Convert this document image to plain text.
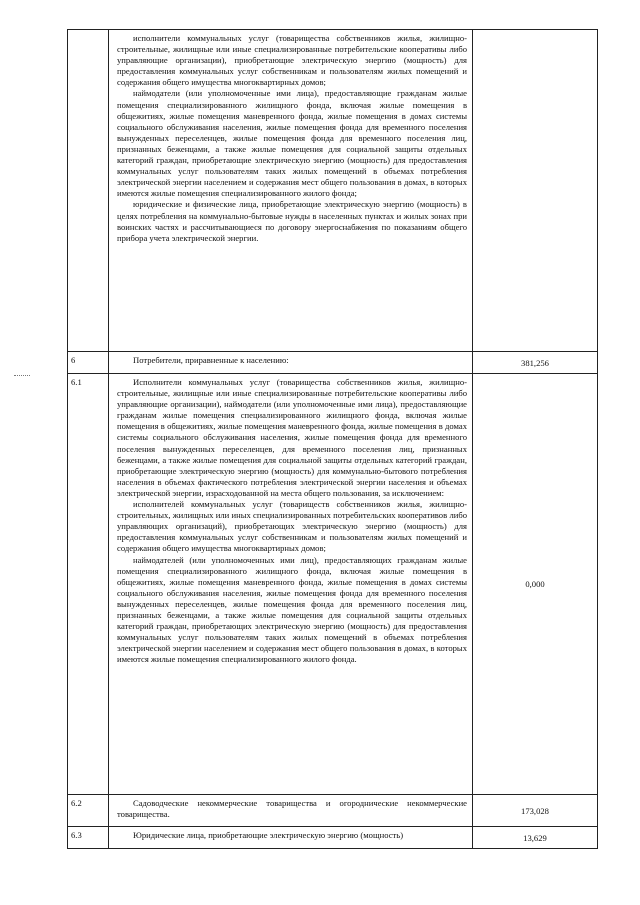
	исполнители коммунальных услуг (товарищества собственников жилья, жилищно-строительные, жилищные или иные специализированные потребительские кооперативы либо управляющие организации), приобретающие электрическую энергию (мощность) для предоставления коммунальных услуг собственникам и пользователям жилых помещений и содержания общего имущества многоквартирных домов;

наймодатели (или уполномоченные ими лица), предоставляющие гражданам жилые помещения специализированного жилищного фонда, включая жилые помещения в общежитиях, жилые помещения маневренного фонда, жилые помещения в домах системы социального обслуживания населения, жилые помещения фонда для временного поселения вынужденных переселенцев, жилые помещения фонда для временного поселения лиц, признанных беженцами, а также жилые помещения для социальной защиты отдельных категорий граждан, приобретающие электрическую энергию (мощность) для предоставления коммунальных услуг пользователям таких жилых помещений в объемах потребления электрической энергии населением и содержания мест общего пользования в домах, в которых имеются жилые помещения специализированного жилого фонда;

юридические и физические лица, приобретающие электрическую энергию (мощность) в целях потребления на коммунально-бытовые нужды в населенных пунктах и жилых зонах при воинских частях и рассчитывающиеся по договору энергоснабжения по показаниям общего прибора учета электрической энергии.	

6	Потребители, приравненные к населению:	381,256
6.1	Исполнители коммунальных услуг (товарищества собственников жилья, жилищно-строительные, жилищные или иные специализированные потребительские кооперативы либо управляющие организации), наймодатели (или уполномоченные ими лица), предоставляющие гражданам жилые помещения специализированного жилищного фонда, включая жилые помещения в общежитиях, жилые помещения маневренного фонда, жилые помещения в домах системы социального обслуживания населения, жилые помещения фонда для временного поселения вынужденных переселенцев, для временного поселения лиц, признанных беженцами, а также жилые помещения для социальной защиты отдельных категорий граждан, приобретающие электрическую энергию (мощность) для коммунально-бытового потребления населения в объемах фактического потребления электрической энергии населения и объемах электрической энергии, израсходованной на места общего пользования, за исключением:

исполнителей коммунальных услуг (товариществ собственников жилья, жилищно-строительных, жилищных или иных специализированных потребительских кооперативов либо управляющих организаций), приобретающих электрическую энергию (мощность) для предоставления коммунальных услуг собственникам и пользователям жилых помещений и содержания общего имущества многоквартирных домов;

наймодателей (или уполномоченных ими лиц), предоставляющих гражданам жилые помещения специализированного жилищного фонда, включая жилые помещения в общежитиях, жилые помещения маневренного фонда, жилые помещения в домах системы социального обслуживания населения, жилые помещения фонда для временного поселения вынужденных переселенцев, жилые помещения фонда для временного поселения лиц, признанных беженцами, а также жилые помещения для социальной защиты отдельных категорий граждан, приобретающих электрическую энергию (мощность) для предоставления коммунальных услуг пользователям таких жилых помещений в объемах потребления электрической энергии населением и содержания мест общего пользования в домах, в которых имеются жилые помещения специализированного жилого фонда.	0,000
6.2	Садоводческие некоммерческие товарищества и огороднические некоммерческие товарищества.	173,028
6.3	Юридические лица, приобретающие электрическую энергию (мощность)	13,629
